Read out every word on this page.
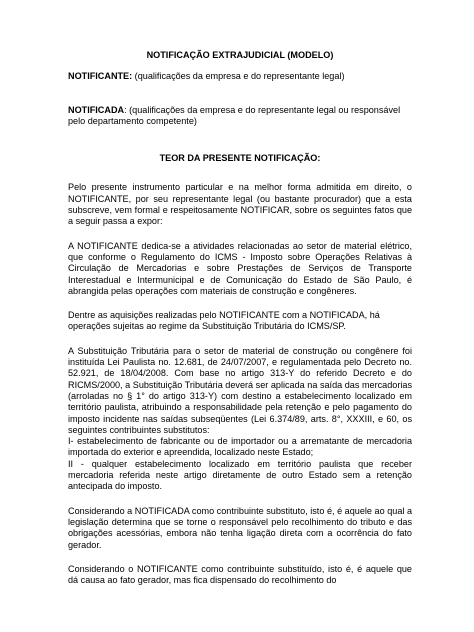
NOTIFICAÇÃO EXTRAJUDICIAL (MODELO)

NOTIFICANTE: (qualificações da empresa e do representante legal)

NOTIFICADA: (qualificações da empresa e do representante legal ou responsável pelo departamento competente)

TEOR DA PRESENTE NOTIFICAÇÃO:

Pelo presente instrumento particular e na melhor forma admitida em direito, o NOTIFICANTE, por seu representante legal (ou bastante procurador) que a esta subscreve, vem formal e respeitosamente NOTIFICAR, sobre os seguintes fatos que a seguir passa a expor:

A NOTIFICANTE dedica-se a atividades relacionadas ao setor de material elétrico, que conforme o Regulamento do ICMS - Imposto sobre Operações Relativas à Circulação de Mercadorias e sobre Prestações de Serviços de Transporte Interestadual e Intermunicipal e de Comunicação do Estado de São Paulo, é abrangida pelas operações com materiais de construção e congêneres.

Dentre as aquisições realizadas pelo NOTIFICANTE com a NOTIFICADA, há operações sujeitas ao regime da Substituição Tributária do ICMS/SP.

A Substituição Tributária para o setor de material de construção ou congênere foi instituída Lei Paulista no. 12.681, de 24/07/2007, e regulamentada pelo Decreto no. 52.921, de 18/04/2008. Com base no artigo 313-Y do referido Decreto e do RICMS/2000, a Substituição Tributária deverá ser aplicada na saída das mercadorias (arroladas no § 1° do artigo 313-Y) com destino a estabelecimento localizado em território paulista, atribuindo a responsabilidade pela retenção e pelo pagamento do imposto incidente nas saídas subseqüentes (Lei 6.374/89, arts. 8°, XXXIII, e 60, os seguintes contribuintes substitutos:

I- estabelecimento de fabricante ou de importador ou a arrematante de mercadoria importada do exterior e apreendida, localizado neste Estado;

II - qualquer estabelecimento localizado em território paulista que receber mercadoria referida neste artigo diretamente de outro Estado sem a retenção antecipada do imposto.

Considerando a NOTIFICADA como contribuinte substituto, isto é, é aquele ao qual a legislação determina que se torne o responsável pelo recolhimento do tributo e das obrigações acessórias, embora não tenha ligação direta com a ocorrência do fato gerador.

Considerando o NOTIFICANTE como contribuinte substituído, isto é, é aquele que dá causa ao fato gerador, mas fica dispensado do recolhimento do
